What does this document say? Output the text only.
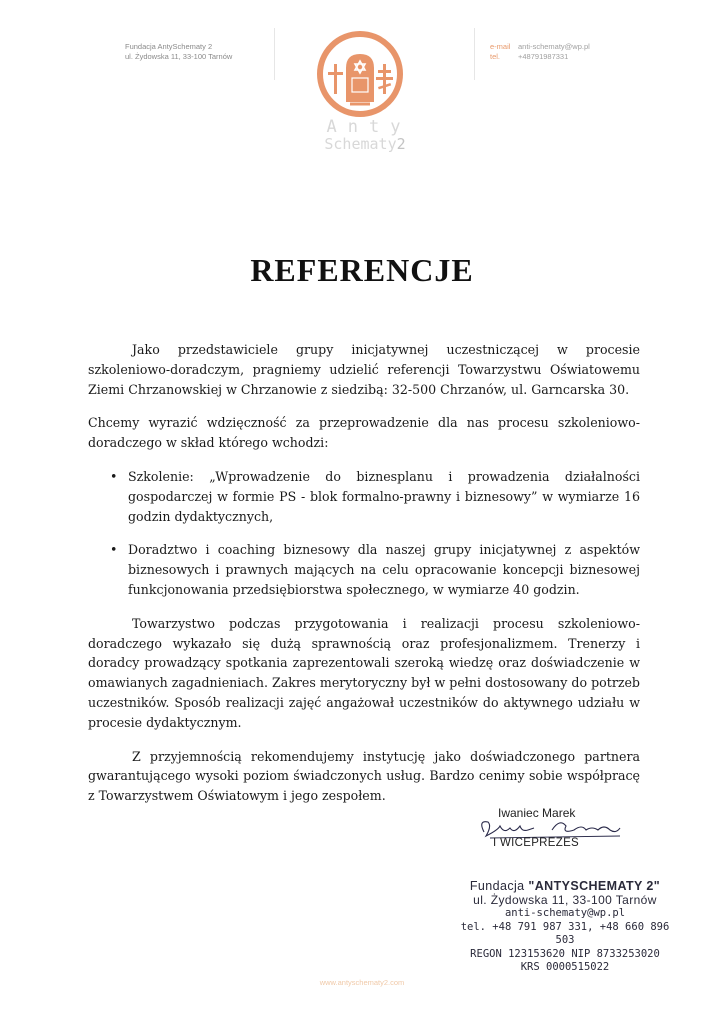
Fundacja AntySchematy 2
ul. Żydowska 11, 33-100 Tarnów
Anty
Schematy2
e-mail anti-schematy@wp.pl
tel. +48791987331
REFERENCJE

Jako przedstawiciele grupy inicjatywnej uczestniczącej w procesie szkoleniowo-doradczym, pragniemy udzielić referencji Towarzystwu Oświatowemu Ziemi Chrzanowskiej w Chrzanowie z siedzibą: 32-500 Chrzanów, ul. Garncarska 30.

Chcemy wyrazić wdzięczność za przeprowadzenie dla nas procesu szkoleniowo-doradczego w skład którego wchodzi:

• Szkolenie: „Wprowadzenie do biznesplanu i prowadzenia działalności gospodarczej w formie PS - blok formalno-prawny i biznesowy” w wymiarze 16 godzin dydaktycznych,
• Doradztwo i coaching biznesowy dla naszej grupy inicjatywnej z aspektów biznesowych i prawnych mających na celu opracowanie koncepcji biznesowej funkcjonowania przedsiębiorstwa społecznego, w wymiarze 40 godzin.

Towarzystwo podczas przygotowania i realizacji procesu szkoleniowo-doradczego wykazało się dużą sprawnością oraz profesjonalizmem. Trenerzy i doradcy prowadzący spotkania zaprezentowali szeroką wiedzę oraz doświadczenie w omawianych zagadnieniach. Zakres merytoryczny był w pełni dostosowany do potrzeb uczestników. Sposób realizacji zajęć angażował uczestników do aktywnego udziału w procesie dydaktycznym.

Z przyjemnością rekomendujemy instytucję jako doświadczonego partnera gwarantującego wysoki poziom świadczonych usług. Bardzo cenimy sobie współpracę z Towarzystwem Oświatowym i jego zespołem.

Iwaniec Marek
I WICEPREZES
Fundacja "ANTYSCHEMATY 2"
ul. Żydowska 11, 33-100 Tarnów
anti-schematy@wp.pl
tel. +48 791 987 331, +48 660 896 503
REGON 123153620 NIP 8733253020
KRS 0000515022
www.antyschematy2.com
